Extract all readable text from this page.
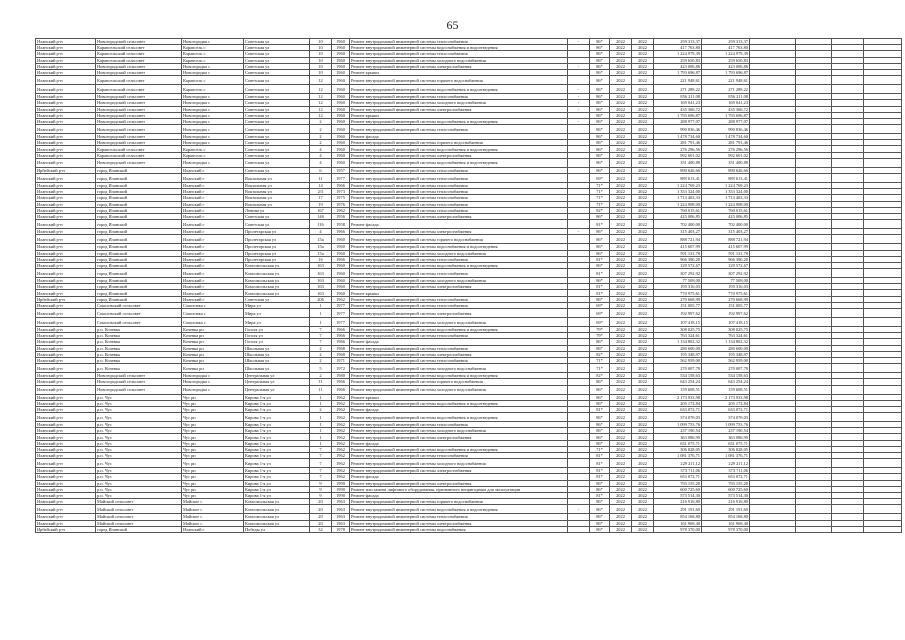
65
Иланский р-н	Новогородский сельсовет	Новогородка с	Советская ул	10	1960	Ремонт внутридомовой инженерной системы теплоснабжения	-	86*	2022	2022	259 313,37	259 313,37				
Иланский р-н	Карапсельский сельсовет	Карапсель с	Советская ул	10	1960	Ремонт внутридомовой инженерной системы водоснабжения и водоотведения		86*	2022	2022	417 763,80	417 763,80				
Иланский р-н	Карапсельский сельсовет	Карапсель с	Советская ул	10	1960	Ремонт внутридомовой инженерной системы теплоснабжения		86*	2022	2022	1 224 979,39	1 224 979,39				
Иланский р-н	Карапсельский сельсовет	Карапсель с	Советская ул	10	1960	Ремонт внутридомовой инженерной системы холодного водоснабжения		86*	2022	2022	259 650,83	259 650,83				
Иланский р-н	Новогородский сельсовет	Новогородка с	Советская ул	10	1960	Ремонт внутридомовой инженерной системы электроснабжения	-	86*	2022	2022	423 006,86	423 006,86				
Иланский р-н	Новогородский сельсовет	Новогородка с	Советская ул	10	1960	Ремонт крыши		86*	2022	2022	1 793 696,87	1 793 696,87				
Иланский р-н	Карапсельский сельсовет	Карапсель с	Советская ул	12	1960	Ремонт внутридомовой инженерной системы горячего водоснабжения		86*	2022	2022	221 948,61	221 948,61				
Иланский р-н	Карапсельский сельсовет	Карапсель с	Советская ул	12	1960	Ремонт внутридомовой инженерной системы водоснабжения и водоотведения	-	86*	2022	2022	271 289,22	271 289,22				
Иланский р-н	Новогородский сельсовет	Новогородка с	Советская ул	12	1960	Ремонт внутридомовой инженерной системы теплоснабжения	-	86*	2022	2022	856 211,08	856 211,08				
Иланский р-н	Новогородский сельсовет	Новогородка с	Советская ул	12	1960	Ремонт внутридомовой инженерной системы холодного водоснабжения	-	86*	2022	2022	169 041,23	169 041,23				
Иланский р-н	Новогородский сельсовет	Новогородка с	Советская ул	12	1960	Ремонт внутридомовой инженерной системы электроснабжения	-	86*	2022	2022	435 366,72	435 366,72				
Иланский р-н	Новогородский сельсовет	Новогородка с	Советская ул	12	1960	Ремонт крыши		86*	2022	2022	1 793 696,87	1 793 696,87				
Иланский р-н	Новогородский сельсовет	Новогородка с	Советская ул	2	1960	Ремонт внутридомовой инженерной системы водоснабжения и водоотведения	-	86*	2022	2022	288 977,07	288 977,07				
Иланский р-н	Новогородский сельсовет	Новогородка с	Советская ул	2	1960	Ремонт внутридомовой инженерной системы теплоснабжения		86*	2022	2022	990 836,46	990 836,46				
Иланский р-н	Новогородский сельсовет	Новогородка с	Советская ул	2	1960	Ремонт фасада		86*	2022	2022	1 478 734,60	1 478 734,60				
Иланский р-н	Новогородский сельсовет	Новогородка с	Советская ул	2	1960	Ремонт внутридомовой инженерной системы горячего водоснабжения		86*	2022	2022	281 791,46	281 791,46				
Иланский р-н	Карапсельский сельсовет	Карапсель с	Советская ул	4	1960	Ремонт внутридомовой инженерной системы водоснабжения и водоотведения		86*	2022	2022	276 296,56	276 296,56				
Иланский р-н	Карапсельский сельсовет	Карапсель с	Советская ул	4	1960	Ремонт внутридомовой инженерной системы электроснабжения		86*	2022	2022	992 601,02	992 601,02				
Иланский р-н	Новогородский сельсовет	Новогородка с	Советская ул	4	1960	Ремонт внутридомовой инженерной системы водоснабжения и водоотведения		86*	2022	2022	351 400,88	351 400,88				
Ирбейский р-н	город Иланский	Иланский г	Советская ул	6	1957	Ремонт внутридомовой инженерной системы теплоснабжения		86*	2022	2022	890 626,66	890 626,66				
Иланский р-н	город Иланский	Иланский г	Вокзальная ул	11	1977	Ремонт внутридомовой инженерной системы теплоснабжения		69*	2022	2022	889 613,41	889 613,41				
Иланский р-н	город Иланский	Иланский г	Вокзальная ул	14	1966	Ремонт внутридомовой инженерной системы теплоснабжения		71*	2022	2022	1 224 769,23	1 224 769,23				
Иланский р-н	город Иланский	Иланский г	Вокзальная ул	2/5	1973	Ремонт внутридомовой инженерной системы теплоснабжения		71*	2022	2022	1 353 324,00	1 353 324,00				
Иланский р-н	город Иланский	Иланский г	Вокзальная ул	17	1975	Ремонт внутридомовой инженерной системы теплоснабжения		71*	2022	2022	1 713 403,33	1 713 403,33				
Иланский р-н	город Иланский	Иланский г	Вокзальная ул	19	1976	Ремонт внутридомовой инженерной системы теплоснабжения		71*	2022	2022	1 224 908,00	1 224 908,00				
Иланский р-н	город Иланский	Иланский г	Ленина ул	167	1962	Ремонт внутридомовой инженерной системы теплоснабжения		82*	2022	2022	760 015,61	760 015,61				
Иланский р-н	город Иланский	Иланский г	Советская ул	146	1956	Ремонт внутридомовой инженерной системы электроснабжения		86*	2022	2022	423 006,85	423 006,85				
Иланский р-н	город Иланский	Иланский г	Советская ул	116	1958	Ремонт фасада		81*	2022	2022	702 400,00	702 400,00				
Иланский р-н	город Иланский	Иланский г	Пролетарская ул	4	1966	Ремонт внутридомовой инженерной системы электроснабжения	-	86*	2022	2022	315 403,27	315 403,27				
Иланский р-н	город Иланский	Иланский г	Пролетарская ул	15а	1960	Ремонт внутридомовой инженерной системы горячего водоснабжения		86*	2022	2022	888 721,94	888 721,94				
Иланский р-н	город Иланский	Иланский г	Пролетарская ул	15а	1960	Ремонт внутридомовой инженерной системы водоснабжения и водоотведения		86*	2022	2022	415 607,99	415 607,99				
Иланский р-н	город Иланский	Иланский г	Пролетарская ул	15а	1960	Ремонт внутридомовой инженерной системы холодного водоснабжения		86*	2022	2022	591 131,78	591 131,78				
Иланский р-н	город Иланский	Иланский г	Пролетарская ул	16	1966	Ремонт внутридомовой инженерной системы теплоснабжения		81*	2022	2022	966 390,20	966 390,20				
Иланский р-н	город Иланский	Иланский г	Комсомольская ул	163	1960	Ремонт внутридомовой инженерной системы водоснабжения и водоотведения		86*	2022	2022	129 572,67	129 572,67				
Иланский р-н	город Иланский	Иланский г	Комсомольская ул	163	1960	Ремонт внутридомовой инженерной системы теплоснабжения		81*	2022	2022	307 292,92	307 292,92				
Иланский р-н	город Иланский	Иланский г	Комсомольская ул	163	1960	Ремонт внутридомовой инженерной системы холодного водоснабжения		86*	2022	2022	77 508,00	77 508,00				
Иланский р-н	город Иланский	Иланский г	Комсомольская ул	163	1960	Ремонт внутридомовой инженерной системы электроснабжения		81*	2022	2022	195 316,03	195 316,03				
Иланский р-н	город Иланский	Иланский г	Комсомольская ул	163	1960	Ремонт крыши		81*	2022	2022	770 975,61	770 975,61				
Ирбейский р-н	город Иланский	Иланский г	Советская ул	206	1962	Ремонт внутридомовой инженерной системы теплоснабжения		86*	2022	2022	270 668,99	270 668,99				
Иланский р-н	Соколовский сельсовет	Соколовка с	Мира ул	1	1977	Ремонт внутридомовой инженерной системы теплоснабжения		69*	2022	2022	151 005,77	151 005,77				
Иланский р-н	Соколовский сельсовет	Соколовка с	Мира ул	1	1977	Ремонт внутридомовой инженерной системы электроснабжения		69*	2022	2022	192 997,62	192 997,62				
Иланский р-н	Соколовский сельсовет	Соколовка с	Мира ул	1	1977	Ремонт внутридомовой инженерной системы холодного водоснабжения		69*	2022	2022	107 418,15	107 418,15				
Иланский р-н	р.п. Кочевка	Кочевка рп	Гоголя ул	7	1966	Ремонт внутридомовой инженерной системы водоснабжения и водоотведения		79*	2022	2022	308 025,75	308 025,75				
Иланский р-н	р.п. Кочевка	Кочевка рп	Гоголя ул	7	1966	Ремонт внутридомовой инженерной системы теплоснабжения		79*	2022	2022	763 324,61	763 324,61				
Иланский р-н	р.п. Кочевка	Кочевка рп	Гоголя ул	7	1966	Ремонт фасада		86*	2022	2022	1 134 802,32	1 134 802,32				
Иланский р-н	р.п. Кочевка	Кочевка рп	Школьная ул	2	1968	Ремонт внутридомовой инженерной системы теплоснабжения		86*	2022	2022	280 600,00	280 600,00				
Иланский р-н	р.п. Кочевка	Кочевка рп	Школьная ул	2	1968	Ремонт внутридомовой инженерной системы электроснабжения		82*	2022	2022	195 348,97	195 348,97				
Иланский р-н	р.п. Кочевка	Кочевка рп	Школьная ул	2	1971	Ремонт внутридомовой инженерной системы теплоснабжения		71*	2022	2022	562 959,00	562 959,00				
Иланский р-н	р.п. Кочевка	Кочевка рп	Школьная ул	5	1972	Ремонт внутридомовой инженерной системы холодного водоснабжения		71*	2022	2022	270 007,78	270 007,78				
Иланский р-н	Новогородский сельсовет	Новогородка с	Центральная ул	2	1980	Ремонт внутридомовой инженерной системы водоснабжения и водоотведения		82*	2022	2022	534 158,63	534 158,63				
Иланский р-н	Новогородский сельсовет	Новогородка с	Центральная ул	11	1966	Ремонт внутридомовой инженерной системы горячего водоснабжения		86*	2022	2022	643 254,24	643 254,24				
Иланский р-н	Новогородский сельсовет	Новогородка с	Центральная ул	11	1966	Ремонт внутридомовой инженерной системы холодного водоснабжения		86*	2022	2022	159 608,51	159 608,51				
Иланский р-н	р.п. Чус	Чус рп	Кирова 1-я ул	1	1962	Ремонт крыши		86*	2022	2022	2 173 933,98	2 173 933,98				
Иланский р-н	р.п. Чус	Чус рп	Кирова 1-я ул	1	1962	Ремонт внутридомовой инженерной системы водоснабжения и водоотведения		86*	2022	2022	205 172,84	205 172,84				
Иланский р-н	р.п. Чус	Чус рп	Кирова 1-я ул	2	1962	Ремонт фасада		81*	2022	2022	633 072,71	633 072,71				
Иланский р-н	р.п. Чус	Чус рп	Кирова 1-я ул	1	1962	Ремонт внутридомовой инженерной системы водоснабжения и водоотведения		86*	2022	2022	374 070,03	374 070,03				
Иланский р-н	р.п. Чус	Чус рп	Кирова 1-я ул	1	1962	Ремонт внутридомовой инженерной системы теплоснабжения		86*	2022	2022	1 099 753,76	1 099 753,76				
Иланский р-н	р.п. Чус	Чус рп	Кирова 1-я ул	1	1962	Ремонт внутридомовой инженерной системы холодного водоснабжения		86*	2022	2022	237 190,54	237 190,54				
Иланский р-н	р.п. Чус	Чус рп	Кирова 1-я ул	1	1962	Ремонт внутридомовой инженерной системы электроснабжения		86*	2022	2022	363 086,99	363 086,99				
Иланский р-н	р.п. Чус	Чус рп	Кирова 1-я ул	1	1962	Ремонт фасада		86*	2022	2022	631 075,71	631 075,71				
Иланский р-н	р.п. Чус	Чус рп	Кирова 1-я ул	7	1962	Ремонт внутридомовой инженерной системы водоснабжения и водоотведения		71*	2022	2022	306 828,05	306 828,05				
Иланский р-н	р.п. Чус	Чус рп	Кирова 1-я ул	7	1962	Ремонт внутридомовой инженерной системы теплоснабжения		81*	2022	2022	1 081 376,71	1 081 376,71				
Иланский р-н	р.п. Чус	Чус рп	Кирова 1-я ул	7	1962	Ремонт внутридомовой инженерной системы холодного водоснабжения		81*	2022	2022	229 211,12	229 211,12				
Иланский р-н	р.п. Чус	Чус рп	Кирова 1-я ул	7	1962	Ремонт внутридомовой инженерной системы электроснабжения		81*	2022	2022	373 711,06	373 711,06				
Иланский р-н	р.п. Чус	Чус рп	Кирова 1-я ул	7	1962	Ремонт фасада		81*	2022	2022	653 072,71	653 072,71				
Иланский р-н	р.п. Чус	Чус рп	Кирова 1-я ул	9	1990	Ремонт внутридомовой инженерной системы электроснабжения		86*	2022	2022	793 155,20	793 155,20				
Иланский р-н	р.п. Чус	Чус рп	Кирова 1-я ул	9	1990	Ремонт или замена лифтового оборудования, признанного непригодным для эксплуатации		86*	2022	2022	600 725,60	600 725,60				
Иланский р-н	р.п. Чус	Чус рп	Кирова 1-я ул	9	1990	Ремонт фасада		81*	2022	2022	573 514,30	573 514,30				
Иланский р-н	Майский сельсовет	Майское с	Комсомольская ул	20	1963	Ремонт внутридомовой инженерной системы горячего водоснабжения		86*	2022	2022	216 916,80	216 916,80				
Иланский р-н	Майский сельсовет	Майское с	Комсомольская ул	20	1963	Ремонт внутридомовой инженерной системы водоснабжения и водоотведения	-	86*	2022	2022	291 191,60	291 191,60				
Иланский р-н	Майский сельсовет	Майское с	Комсомольская ул	20	1963	Ремонт внутридомовой инженерной системы теплоснабжения		86*	2022	2022	854 168,80	854 168,80				
Иланский р-н	Майский сельсовет	Майское с	Комсомольская ул	20	1963	Ремонт внутридомовой инженерной системы электроснабжения		86*	2022	2022	161 969,40	161 969,40				
Ирбейский р-н	город Иланский	Иланский г	Победы ул	32	1978	Ремонт внутридомовой инженерной системы водоснабжения		86*	2022	2022	978 370,00	978 370,00				
